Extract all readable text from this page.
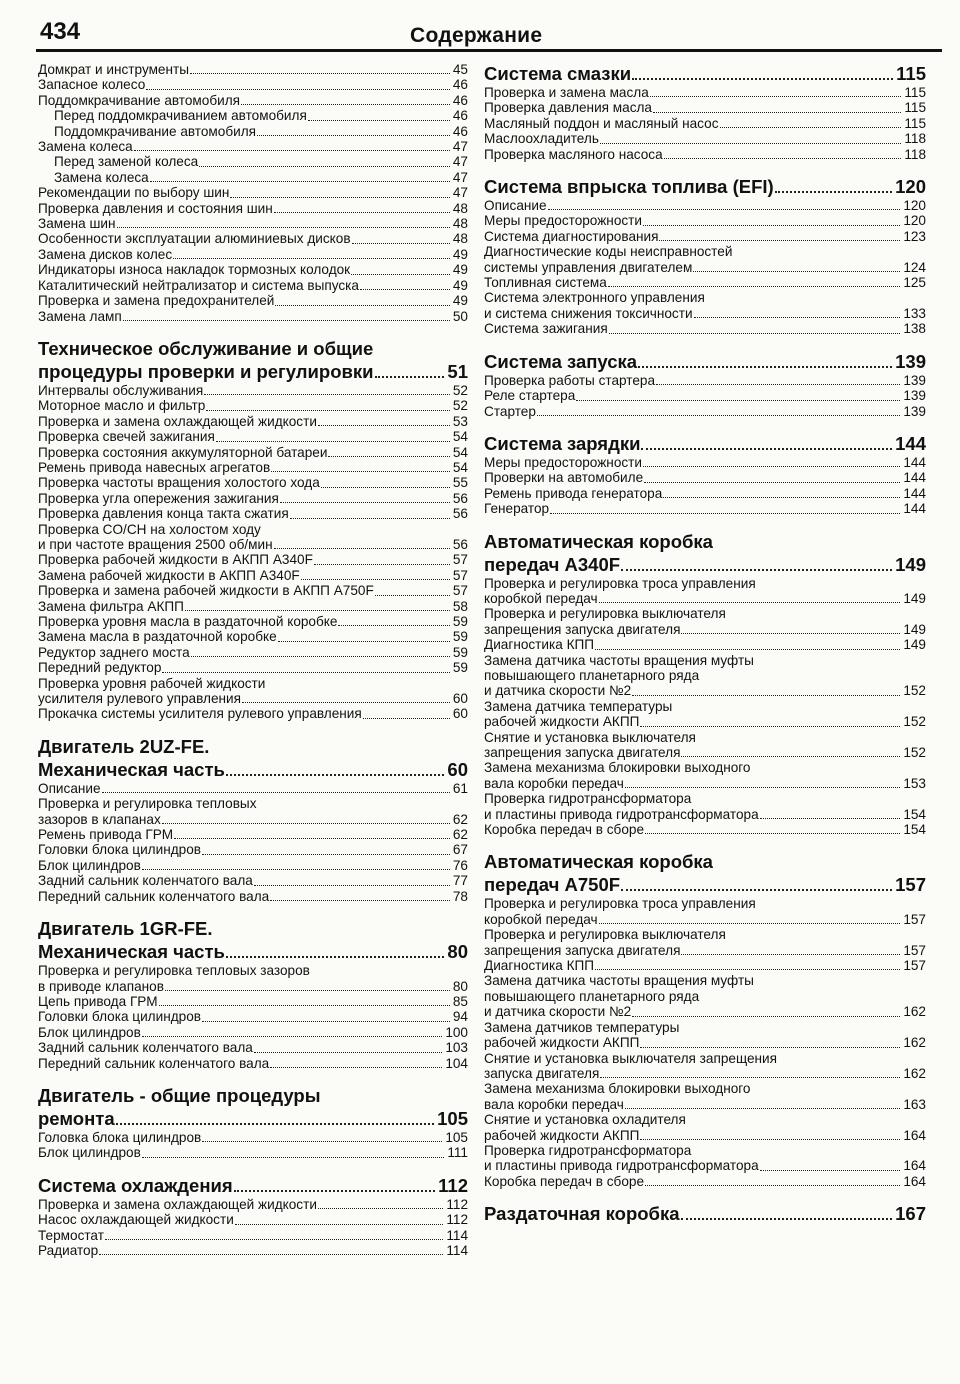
434	Содержание
Домкрат и инструменты	45
Запасное колесо	46
Поддомкрачивание автомобиля	46
Перед поддомкрачиванием автомобиля	46
Поддомкрачивание автомобиля	46
Замена колеса	47
Перед заменой колеса	47
Замена колеса	47
Рекомендации по выбору шин	47
Проверка давления и состояния шин	48
Замена шин	48
Особенности эксплуатации алюминиевых дисков	48
Замена дисков колес	49
Индикаторы износа накладок тормозных колодок	49
Каталитический нейтрализатор и система выпуска	49
Проверка и замена предохранителей	49
Замена ламп	50
Техническое обслуживание и общие
процедуры проверки и регулировки	51
Интервалы обслуживания	52
Моторное масло и фильтр	52
Проверка и замена охлаждающей жидкости	53
Проверка свечей зажигания	54
Проверка состояния аккумуляторной батареи	54
Ремень привода навесных агрегатов	54
Проверка частоты вращения холостого хода	55
Проверка угла опережения зажигания	56
Проверка давления конца такта сжатия	56
Проверка CO/CH на холостом ходу
и при частоте вращения 2500 об/мин	56
Проверка рабочей жидкости в АКПП А340F	57
Замена рабочей жидкости в АКПП А340F	57
Проверка и замена рабочей жидкости в АКПП А750F	57
Замена фильтра АКПП	58
Проверка уровня масла в раздаточной коробке	59
Замена масла в раздаточной коробке	59
Редуктор заднего моста	59
Передний редуктор	59
Проверка уровня рабочей жидкости
усилителя рулевого управления	60
Прокачка системы усилителя рулевого управления	60
Двигатель 2UZ-FE.
Механическая часть	60
Описание	61
Проверка и регулировка тепловых
зазоров в клапанах	62
Ремень привода ГРМ	62
Головки блока цилиндров	67
Блок цилиндров	76
Задний сальник коленчатого вала	77
Передний сальник коленчатого вала	78
Двигатель 1GR-FE.
Механическая часть	80
Проверка и регулировка тепловых зазоров
в приводе клапанов	80
Цепь привода ГРМ	85
Головки блока цилиндров	94
Блок цилиндров	100
Задний сальник коленчатого вала	103
Передний сальник коленчатого вала	104
Двигатель - общие процедуры
ремонта	105
Головка блока цилиндров	105
Блок цилиндров	111
Система охлаждения	112
Проверка и замена охлаждающей жидкости	112
Насос охлаждающей жидкости	112
Термостат	114
Радиатор	114
Система смазки	115
Проверка и замена масла	115
Проверка давления масла	115
Масляный поддон и масляный насос	115
Маслоохладитель	118
Проверка масляного насоса	118
Система впрыска топлива (EFI)	120
Описание	120
Меры предосторожности	120
Система диагностирования	123
Диагностические коды неисправностей
системы управления двигателем	124
Топливная система	125
Система электронного управления
и система снижения токсичности	133
Система зажигания	138
Система запуска	139
Проверка работы стартера	139
Реле стартера	139
Стартер	139
Система зарядки	144
Меры предосторожности	144
Проверки на автомобиле	144
Ремень привода генератора	144
Генератор	144
Автоматическая коробка
передач А340F	149
Проверка и регулировка троса управления
коробкой передач	149
Проверка и регулировка выключателя
запрещения запуска двигателя	149
Диагностика КПП	149
Замена датчика частоты вращения муфты
повышающего планетарного ряда
и датчика скорости №2	152
Замена датчика температуры
рабочей жидкости АКПП	152
Снятие и установка выключателя
запрещения запуска двигателя	152
Замена механизма блокировки выходного
вала коробки передач	153
Проверка гидротрансформатора
и пластины привода гидротрансформатора	154
Коробка передач в сборе	154
Автоматическая коробка
передач А750F	157
Проверка и регулировка троса управления
коробкой передач	157
Проверка и регулировка выключателя
запрещения запуска двигателя	157
Диагностика КПП	157
Замена датчика частоты вращения муфты
повышающего планетарного ряда
и датчика скорости №2	162
Замена датчиков температуры
рабочей жидкости АКПП	162
Снятие и установка выключателя запрещения
запуска двигателя	162
Замена механизма блокировки выходного
вала коробки передач	163
Снятие и установка охладителя
рабочей жидкости АКПП	164
Проверка гидротрансформатора
и пластины привода гидротрансформатора	164
Коробка передач в сборе	164
Раздаточная коробка	167
